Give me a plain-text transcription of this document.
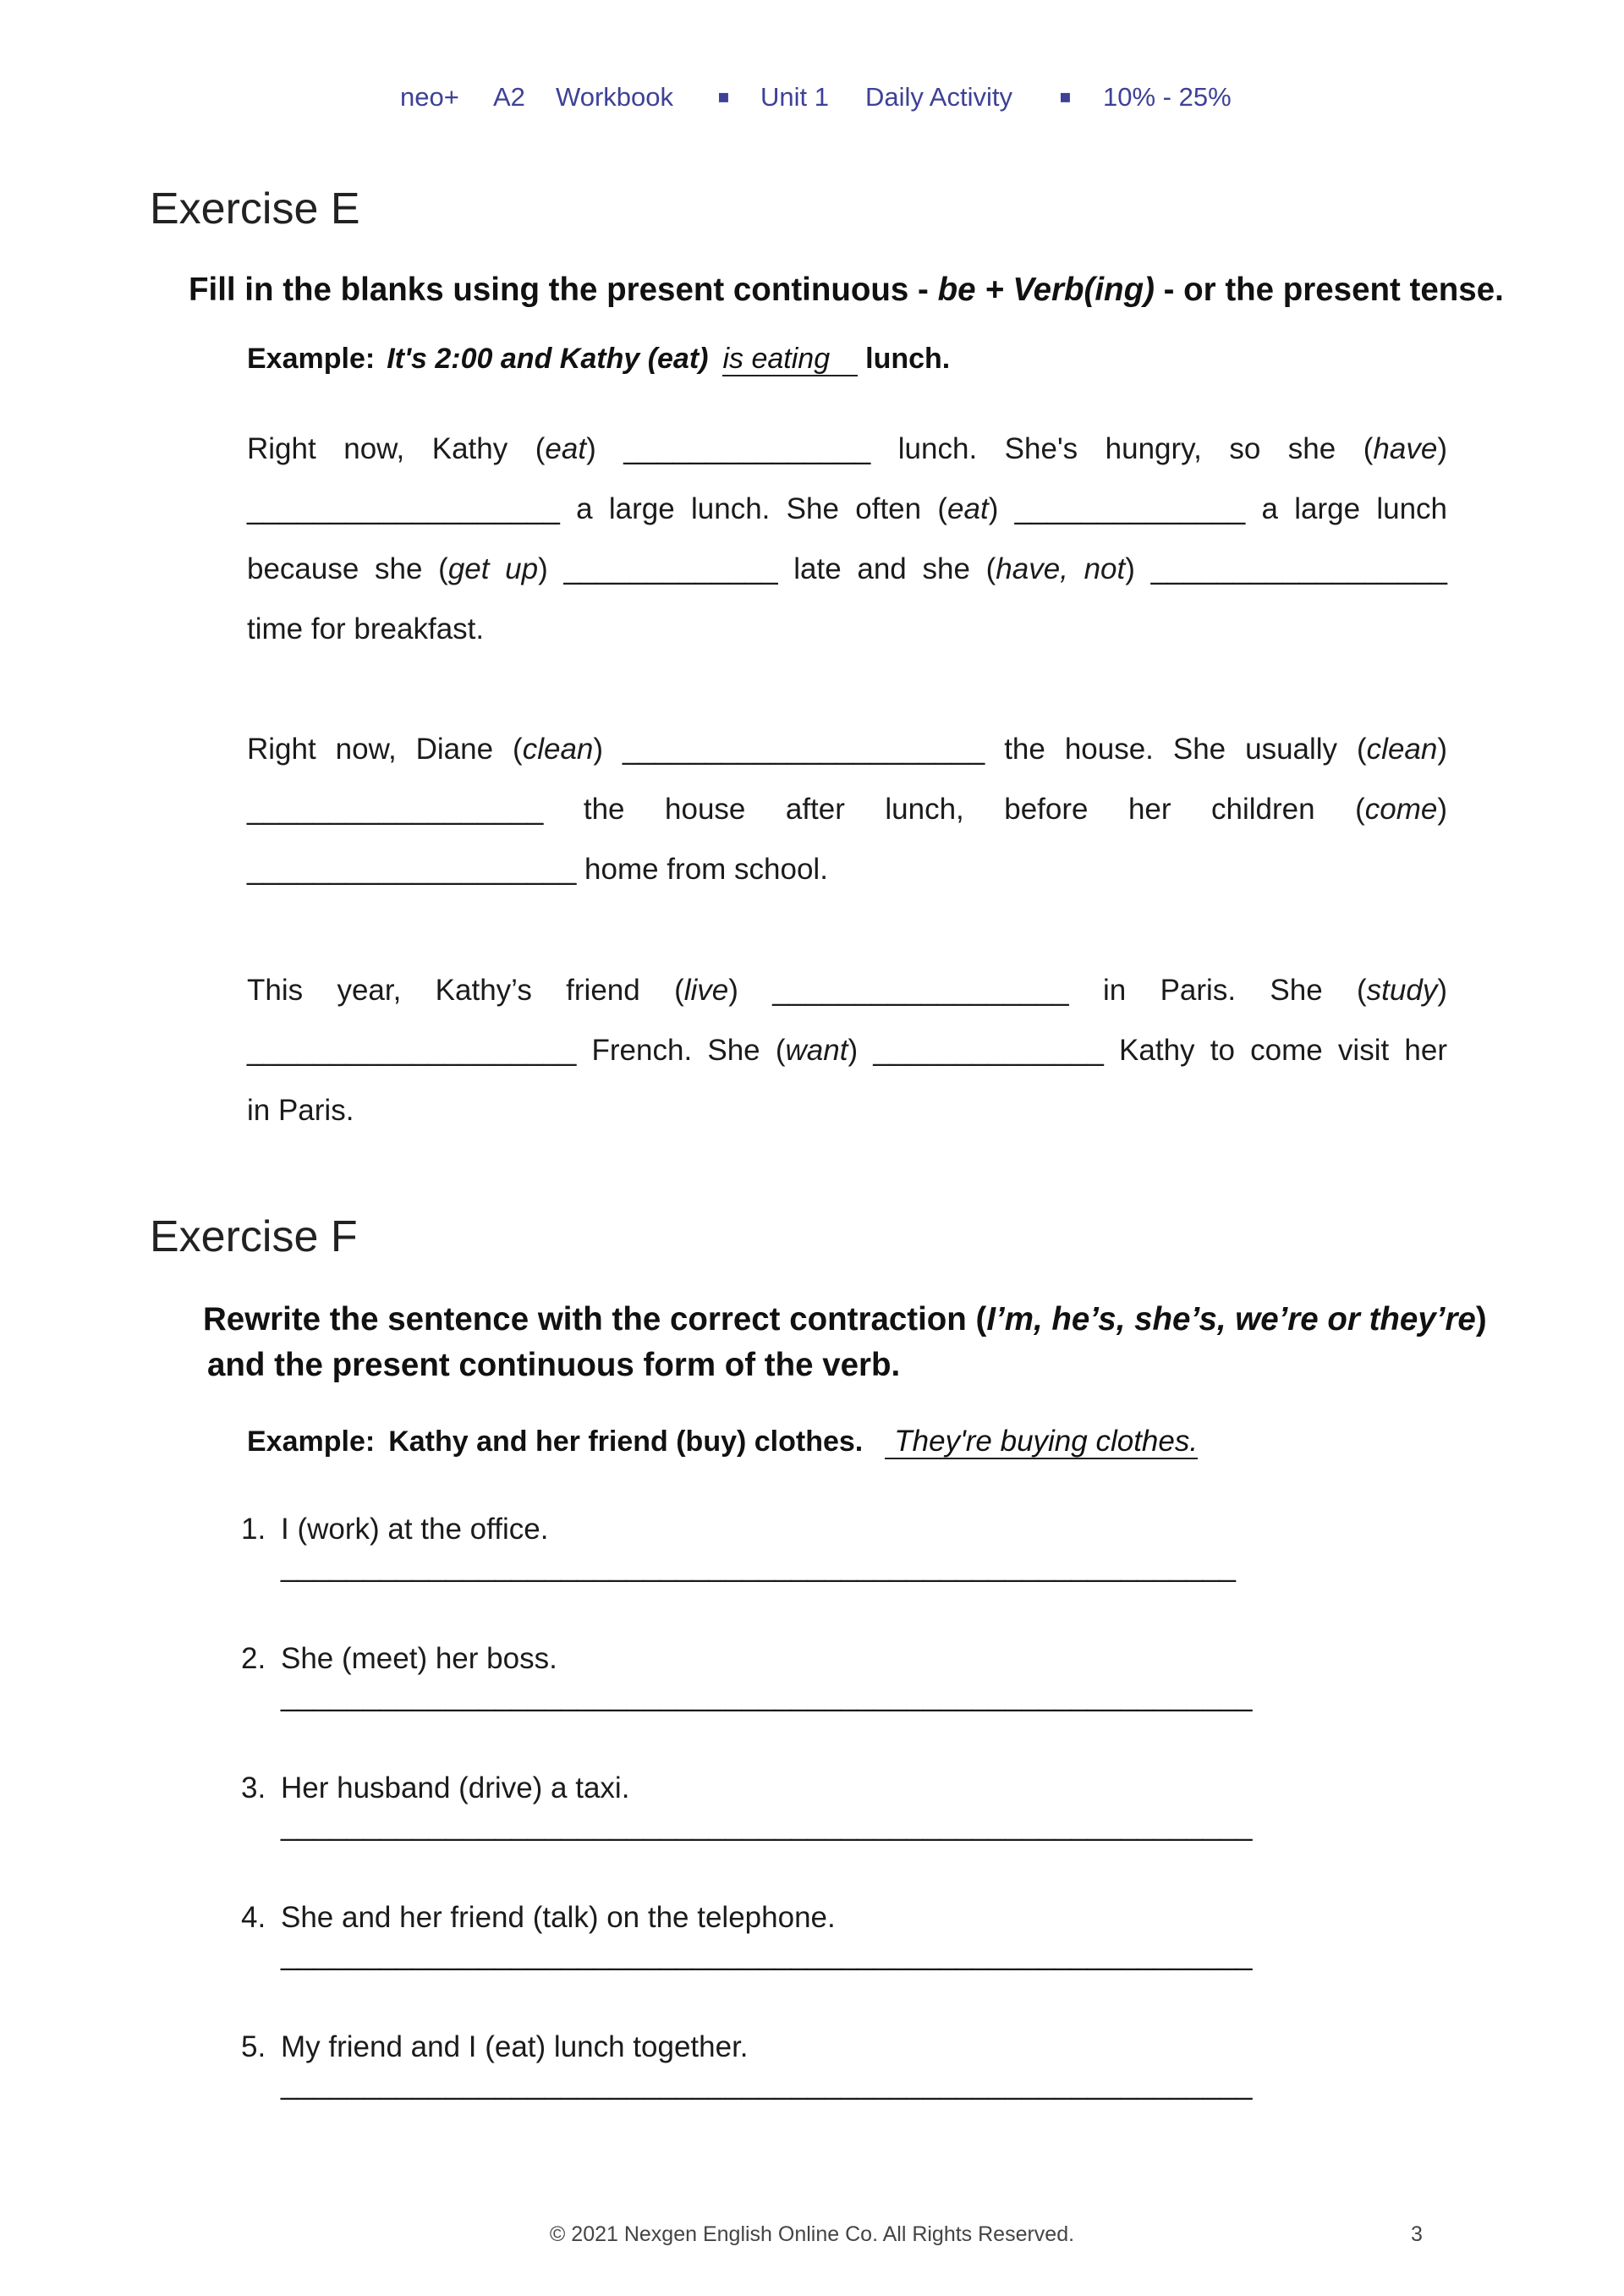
neo+ A2 Workbook ▪ Unit 1 Daily Activity	▪ 10% - 25%
Exercise E
Fill in the blanks using the present continuous - be + Verb(ing) - or the present tense.
Example: It's 2:00 and Kathy (eat) is eating lunch.
Right now, Kathy (eat) _______________ lunch. She's hungry, so she (have)
___________________ a large lunch. She often (eat) ______________ a large lunch
because she (get up) _____________ late and she (have, not) __________________
time for breakfast.
Right now, Diane (clean) ______________________ the house. She usually (clean)
__________________ the house after lunch, before her children (come)
____________________ home from school.
This year, Kathy’s friend (live) __________________ in Paris. She (study)
____________________ French. She (want) ______________ Kathy to come visit her
in Paris.
Exercise F
Rewrite the sentence with the correct contraction (I’m, he’s, she’s, we’re or they’re)
and the present continuous form of the verb.
Example: Kathy and her friend (buy) clothes. They're buying clothes.
1. I (work) at the office.
__________________________________________________________
2. She (meet) her boss.
___________________________________________________________
3. Her husband (drive) a taxi.
___________________________________________________________
4. She and her friend (talk) on the telephone.
___________________________________________________________
5. My friend and I (eat) lunch together.
___________________________________________________________
© 2021 Nexgen English Online Co. All Rights Reserved.	3
